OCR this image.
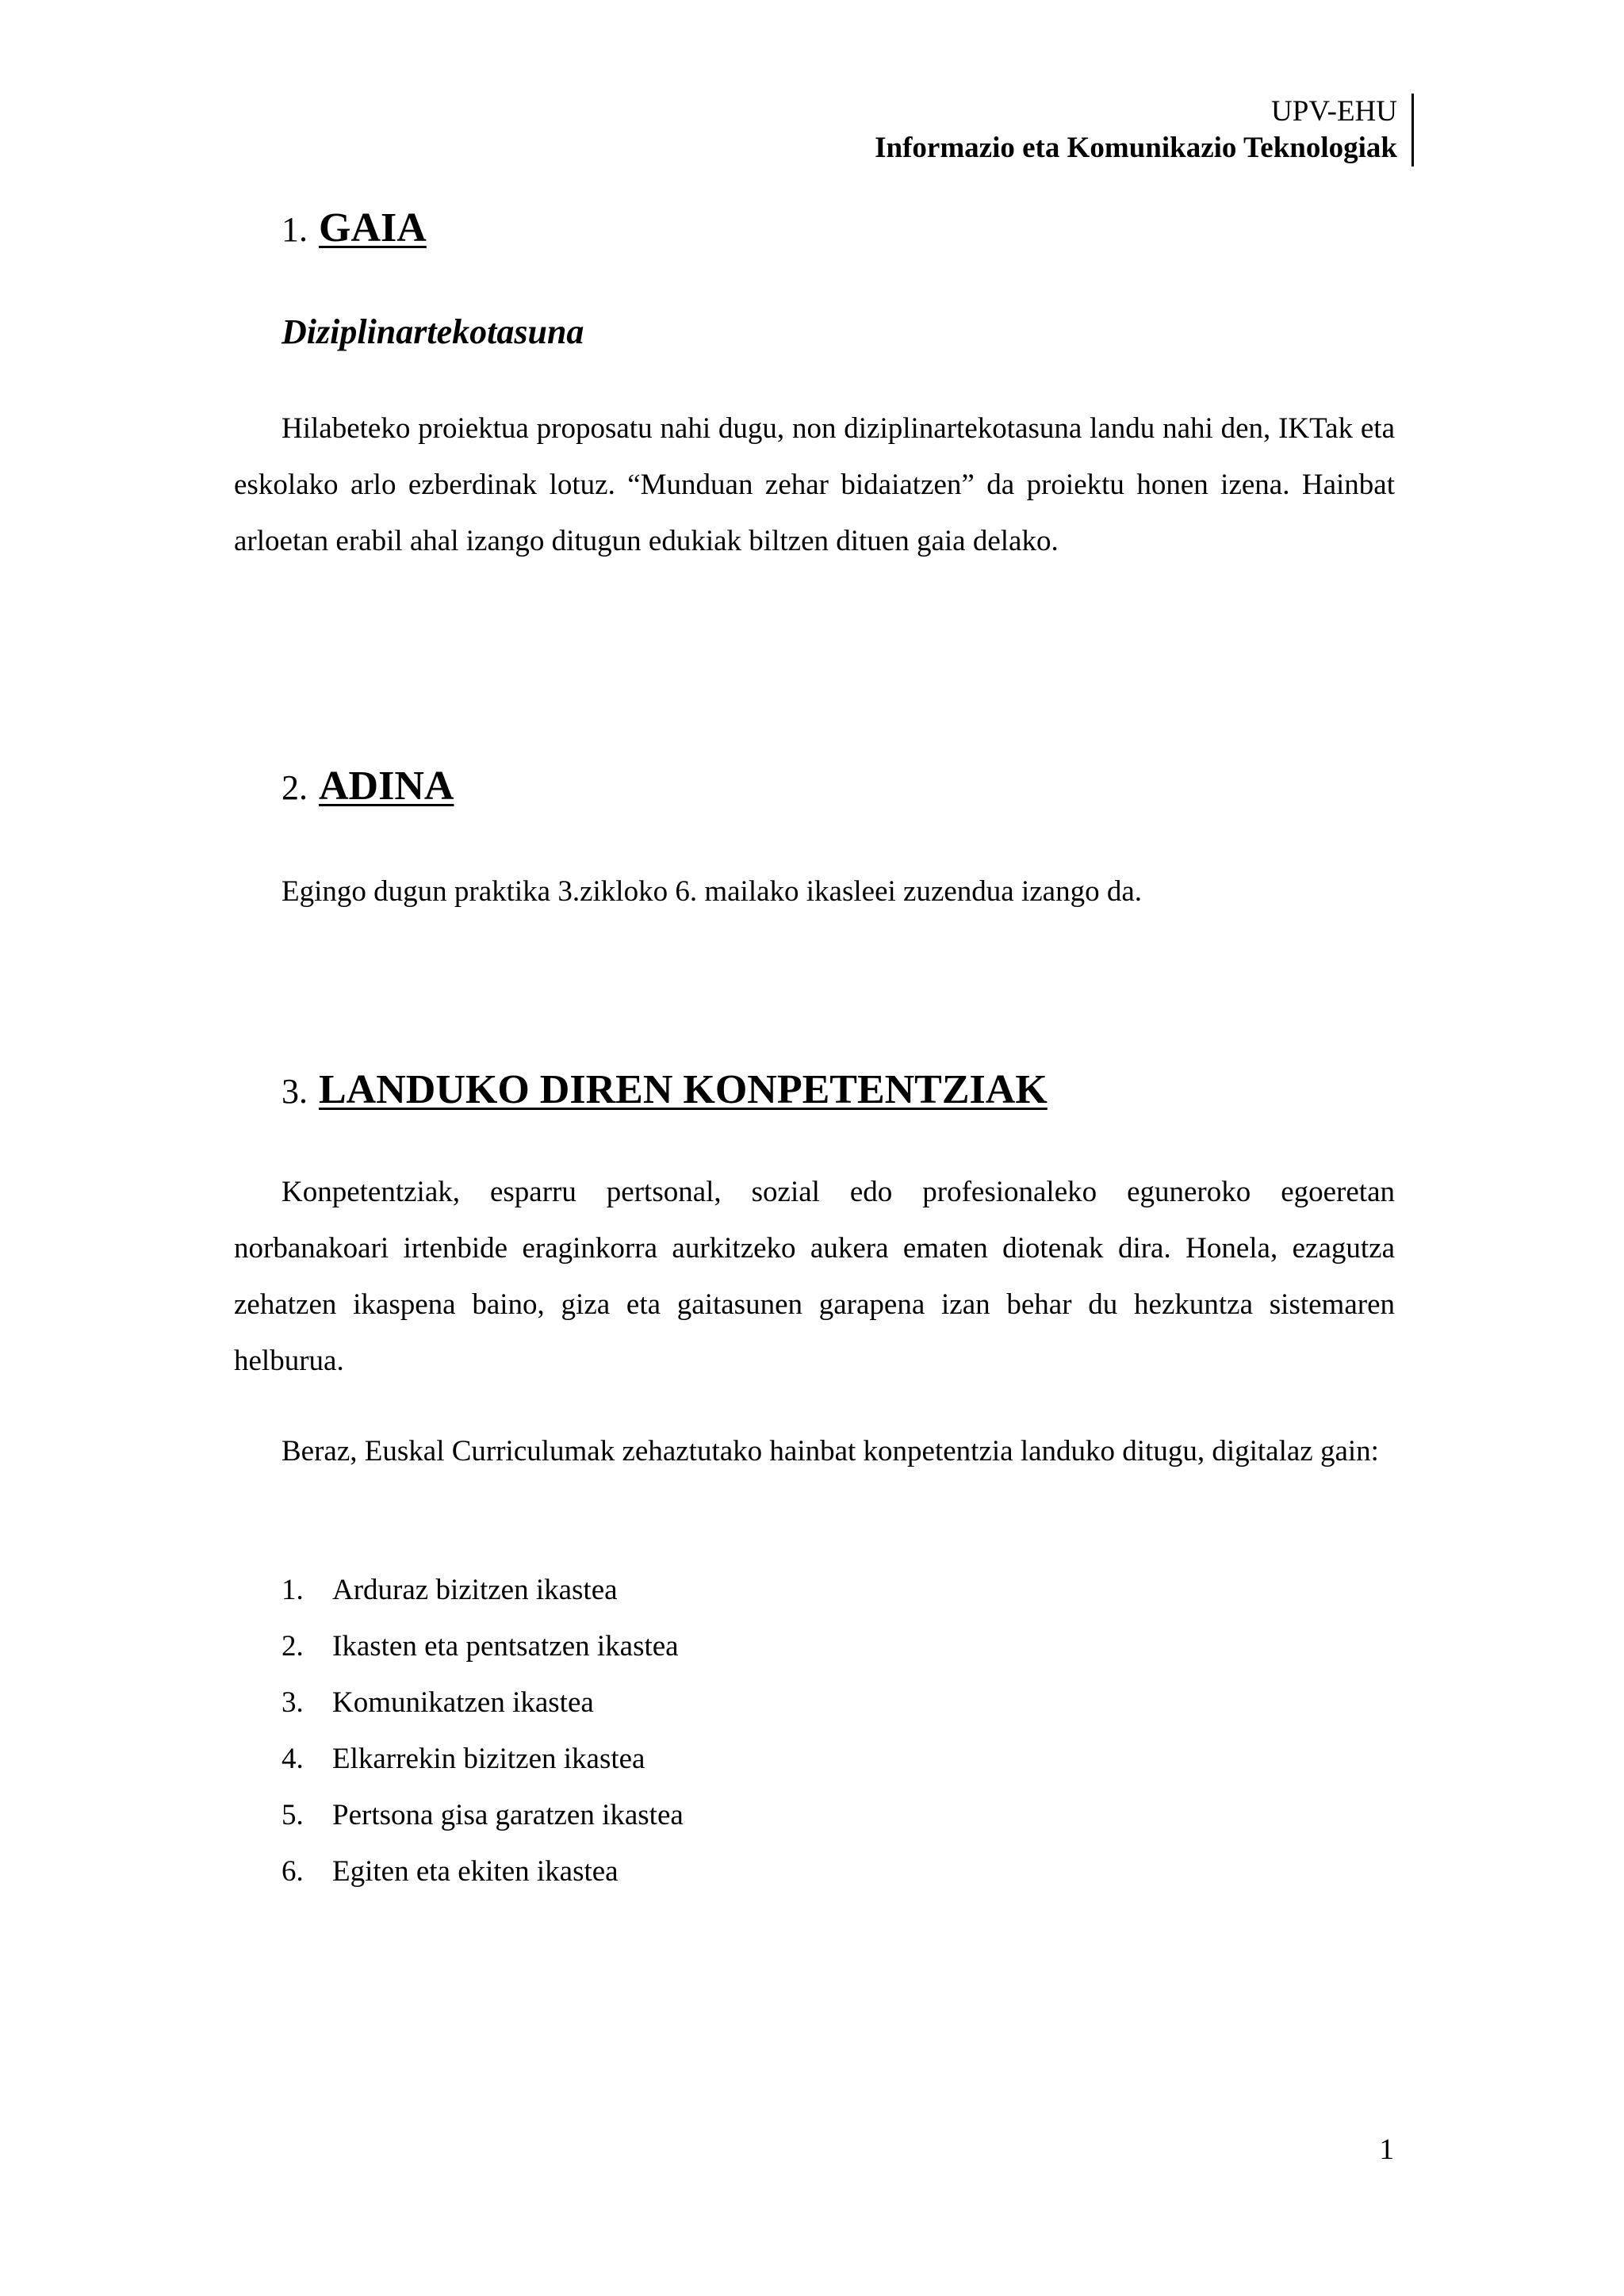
UPV-EHU
Informazio eta Komunikazio Teknologiak
1. GAIA
Diziplinartekotasuna
Hilabeteko proiektua proposatu nahi dugu, non diziplinartekotasuna landu nahi den, IKTak eta eskolako arlo ezberdinak lotuz. “Munduan zehar bidaiatzen” da proiektu honen izena. Hainbat arloetan erabil ahal izango ditugun edukiak biltzen dituen gaia delako.
2. ADINA
Egingo dugun praktika 3.zikloko 6. mailako ikasleei zuzendua izango da.
3. LANDUKO DIREN KONPETENTZIAK
Konpetentziak, esparru pertsonal, sozial edo profesionaleko eguneroko egoeretan norbanakoari irtenbide eraginkorra aurkitzeko aukera ematen diotenak dira. Honela, ezagutza zehatzen ikaspena baino, giza eta gaitasunen garapena izan behar du hezkuntza sistemaren helburua.
Beraz, Euskal Curriculumak zehaztutako hainbat konpetentzia landuko ditugu, digitalaz gain:
1. Arduraz bizitzen ikastea
2. Ikasten eta pentsatzen ikastea
3. Komunikatzen ikastea
4. Elkarrekin bizitzen ikastea
5. Pertsona gisa garatzen ikastea
6. Egiten eta ekiten ikastea
1
